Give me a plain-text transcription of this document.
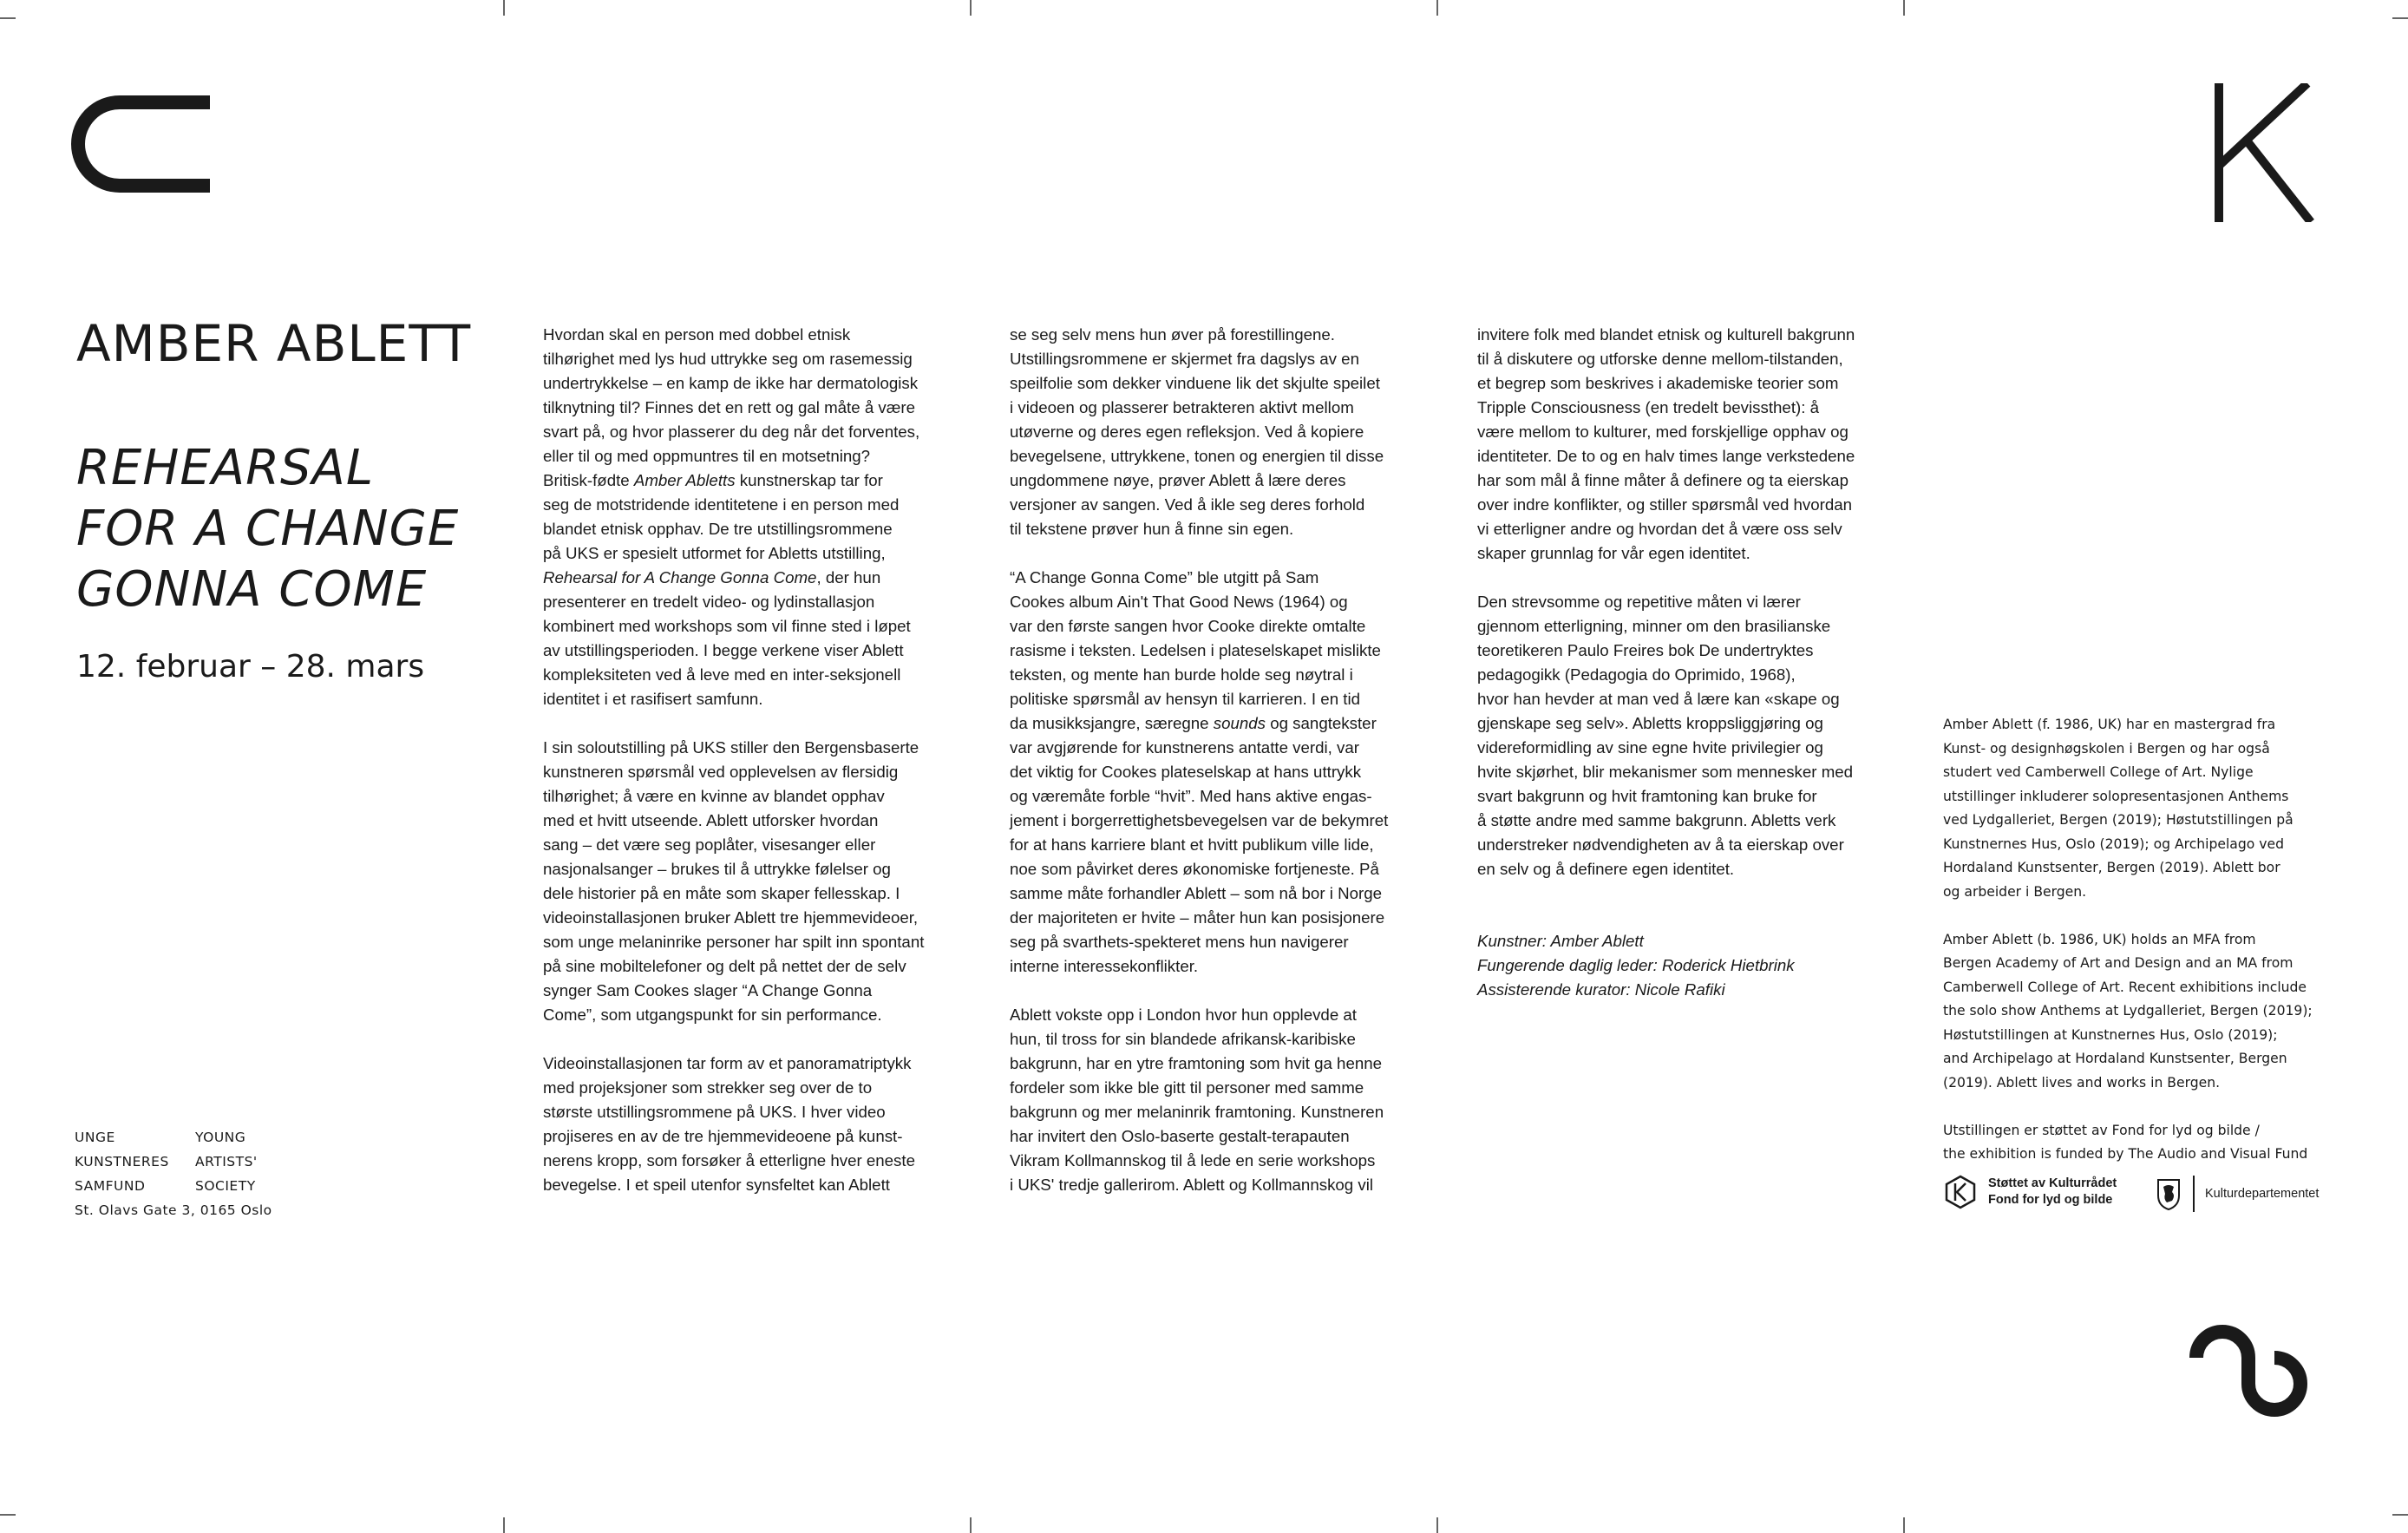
AMBER ABLETT
REHEARSAL
FOR A CHANGE
GONNA COME
12. februar – 28. mars
UNGE
KUNSTNERES
SAMFUND
YOUNG
ARTISTS'
SOCIETY
St. Olavs Gate 3, 0165 Oslo

Hvordan skal en person med dobbel etnisk
tilhørighet med lys hud uttrykke seg om rasemessig
undertrykkelse – en kamp de ikke har dermatologisk
tilknytning til? Finnes det en rett og gal måte å være
svart på, og hvor plasserer du deg når det forventes,
eller til og med oppmuntres til en motsetning?
Britisk-fødte Amber Abletts kunstnerskap tar for
seg de motstridende identitetene i en person med
blandet etnisk opphav. De tre utstillingsrommene
på UKS er spesielt utformet for Abletts utstilling,
Rehearsal for A Change Gonna Come, der hun
presenterer en tredelt video- og lydinstallasjon
kombinert med workshops som vil finne sted i løpet
av utstillingsperioden. I begge verkene viser Ablett
kompleksiteten ved å leve med en inter-seksjonell
identitet i et rasifisert samfunn.

I sin soloutstilling på UKS stiller den Bergensbaserte
kunstneren spørsmål ved opplevelsen av flersidig
tilhørighet; å være en kvinne av blandet opphav
med et hvitt utseende. Ablett utforsker hvordan
sang – det være seg poplåter, visesanger eller
nasjonalsanger – brukes til å uttrykke følelser og
dele historier på en måte som skaper fellesskap. I
videoinstallasjonen bruker Ablett tre hjemmevideoer,
som unge melaninrike personer har spilt inn spontant
på sine mobiltelefoner og delt på nettet der de selv
synger Sam Cookes slager “A Change Gonna
Come”, som utgangspunkt for sin performance.

Videoinstallasjonen tar form av et panoramatriptykk
med projeksjoner som strekker seg over de to
største utstillingsrommene på UKS. I hver video
projiseres en av de tre hjemmevideoene på kunst-
nerens kropp, som forsøker å etterligne hver eneste
bevegelse. I et speil utenfor synsfeltet kan Ablett

se seg selv mens hun øver på forestillingene.
Utstillingsrommene er skjermet fra dagslys av en
speilfolie som dekker vinduene lik det skjulte speilet
i videoen og plasserer betrakteren aktivt mellom
utøverne og deres egen refleksjon. Ved å kopiere
bevegelsene, uttrykkene, tonen og energien til disse
ungdommene nøye, prøver Ablett å lære deres
versjoner av sangen. Ved å ikle seg deres forhold
til tekstene prøver hun å finne sin egen.

“A Change Gonna Come” ble utgitt på Sam
Cookes album Ain't That Good News (1964) og
var den første sangen hvor Cooke direkte omtalte
rasisme i teksten. Ledelsen i plateselskapet mislikte
teksten, og mente han burde holde seg nøytral i
politiske spørsmål av hensyn til karrieren. I en tid
da musikksjangre, særegne sounds og sangtekster
var avgjørende for kunstnerens antatte verdi, var
det viktig for Cookes plateselskap at hans uttrykk
og væremåte forble “hvit”. Med hans aktive engas-
jement i borgerrettighetsbevegelsen var de bekymret
for at hans karriere blant et hvitt publikum ville lide,
noe som påvirket deres økonomiske fortjeneste. På
samme måte forhandler Ablett – som nå bor i Norge
der majoriteten er hvite – måter hun kan posisjonere
seg på svarthets-spekteret mens hun navigerer
interne interessekonflikter.

Ablett vokste opp i London hvor hun opplevde at
hun, til tross for sin blandede afrikansk-karibiske
bakgrunn, har en ytre framtoning som hvit ga henne
fordeler som ikke ble gitt til personer med samme
bakgrunn og mer melaninrik framtoning. Kunstneren
har invitert den Oslo-baserte gestalt-terapauten
Vikram Kollmannskog til å lede en serie workshops
i UKS' tredje gallerirom. Ablett og Kollmannskog vil

invitere folk med blandet etnisk og kulturell bakgrunn
til å diskutere og utforske denne mellom-tilstanden,
et begrep som beskrives i akademiske teorier som
Tripple Consciousness (en tredelt bevissthet): å
være mellom to kulturer, med forskjellige opphav og
identiteter. De to og en halv times lange verkstedene
har som mål å finne måter å definere og ta eierskap
over indre konflikter, og stiller spørsmål ved hvordan
vi etterligner andre og hvordan det å være oss selv
skaper grunnlag for vår egen identitet.

Den strevsomme og repetitive måten vi lærer
gjennom etterligning, minner om den brasilianske
teoretikeren Paulo Freires bok De undertryktes
pedagogikk (Pedagogia do Oprimido, 1968),
hvor han hevder at man ved å lære kan «skape og
gjenskape seg selv». Abletts kroppsliggjøring og
videreformidling av sine egne hvite privilegier og
hvite skjørhet, blir mekanismer som mennesker med
svart bakgrunn og hvit framtoning kan bruke for
å støtte andre med samme bakgrunn. Abletts verk
understreker nødvendigheten av å ta eierskap over
en selv og å definere egen identitet.

Kunstner: Amber Ablett
Fungerende daglig leder: Roderick Hietbrink
Assisterende kurator: Nicole Rafiki

Amber Ablett (f. 1986, UK) har en mastergrad fra
Kunst- og designhøgskolen i Bergen og har også
studert ved Camberwell College of Art. Nylige
utstillinger inkluderer solopresentasjonen Anthems
ved Lydgalleriet, Bergen (2019); Høstutstillingen på
Kunstnernes Hus, Oslo (2019); og Archipelago ved
Hordaland Kunstsenter, Bergen (2019). Ablett bor
og arbeider i Bergen.

Amber Ablett (b. 1986, UK) holds an MFA from
Bergen Academy of Art and Design and an MA from
Camberwell College of Art. Recent exhibitions include
the solo show Anthems at Lydgalleriet, Bergen (2019);
Høstutstillingen at Kunstnernes Hus, Oslo (2019);
and Archipelago at Hordaland Kunstsenter, Bergen
(2019). Ablett lives and works in Bergen.

Utstillingen er støttet av Fond for lyd og bilde /
the exhibition is funded by The Audio and Visual Fund

Støttet av Kulturrådet
Fond for lyd og bilde	Kulturdepartementet
